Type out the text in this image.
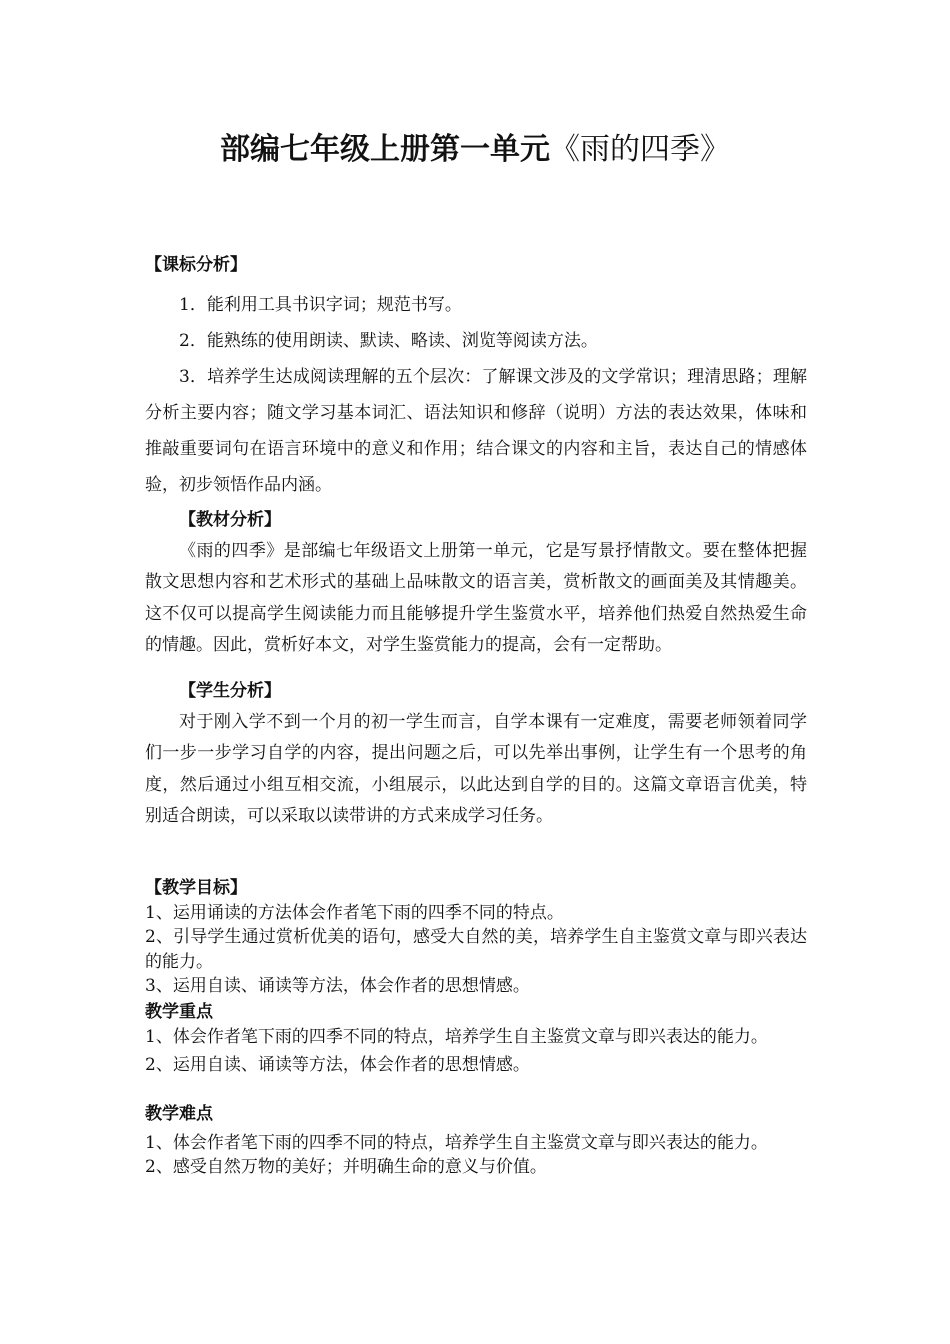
部编七年级上册第一单元《雨的四季》
【课标分析】

1．能利用工具书识字词；规范书写。

2．能熟练的使用朗读、默读、略读、浏览等阅读方法。

3．培养学生达成阅读理解的五个层次：了解课文涉及的文学常识；理清思路；理解分析主要内容；随文学习基本词汇、语法知识和修辞（说明）方法的表达效果，体味和推敲重要词句在语言环境中的意义和作用；结合课文的内容和主旨，表达自己的情感体验，初步领悟作品内涵。

【教材分析】

《雨的四季》是部编七年级语文上册第一单元，它是写景抒情散文。要在整体把握散文思想内容和艺术形式的基础上品味散文的语言美，赏析散文的画面美及其情趣美。这不仅可以提高学生阅读能力而且能够提升学生鉴赏水平，培养他们热爱自然热爱生命的情趣。因此，赏析好本文，对学生鉴赏能力的提高，会有一定帮助。

【学生分析】

对于刚入学不到一个月的初一学生而言，自学本课有一定难度，需要老师领着同学们一步一步学习自学的内容，提出问题之后，可以先举出事例，让学生有一个思考的角度，然后通过小组互相交流，小组展示，以此达到自学的目的。这篇文章语言优美，特别适合朗读，可以采取以读带讲的方式来成学习任务。

【教学目标】

1、运用诵读的方法体会作者笔下雨的四季不同的特点。

2、引导学生通过赏析优美的语句，感受大自然的美，培养学生自主鉴赏文章与即兴表达的能力。

3、运用自读、诵读等方法，体会作者的思想情感。

教学重点

1、体会作者笔下雨的四季不同的特点，培养学生自主鉴赏文章与即兴表达的能力。

2、运用自读、诵读等方法，体会作者的思想情感。

教学难点

1、体会作者笔下雨的四季不同的特点，培养学生自主鉴赏文章与即兴表达的能力。

2、感受自然万物的美好；并明确生命的意义与价值。
